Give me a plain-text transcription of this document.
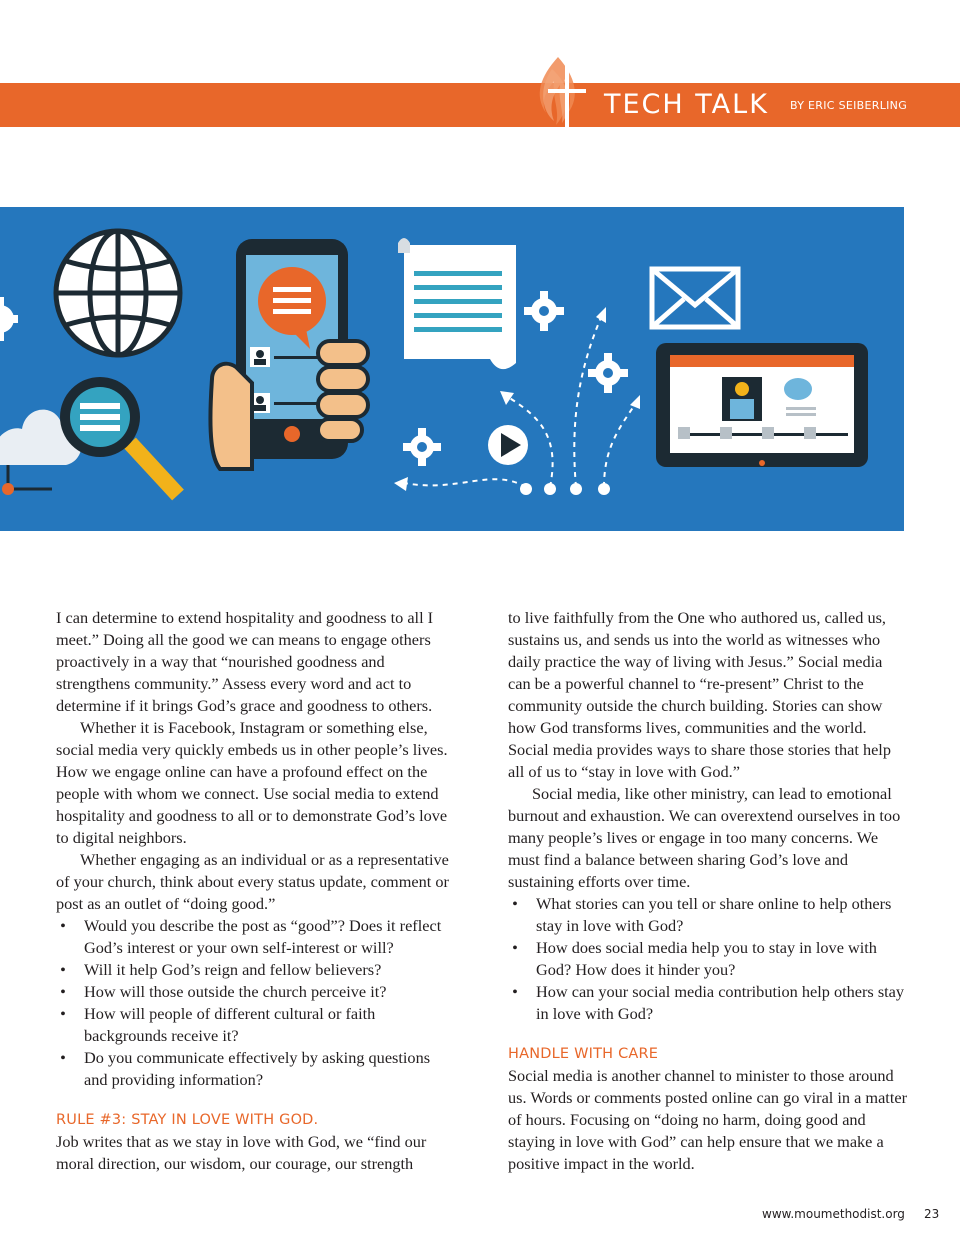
TECH TALK BY ERIC SEIBERLING

I can determine to extend hospitality and goodness to all I meet.” Doing all the good we can means to engage others proactively in a way that “nourished goodness and strengthens community.” Assess every word and act to determine if it brings God’s grace and goodness to others.

Whether it is Facebook, Instagram or something else, social media very quickly embeds us in other people’s lives. How we engage online can have a profound effect on the people with whom we connect. Use social media to extend hospitality and goodness to all or to demonstrate God’s love to digital neighbors.

Whether engaging as an individual or as a representative of your church, think about every status update, comment or post as an outlet of “doing good.”

• Would you describe the post as “good”? Does it reflect God’s interest or your own self-interest or will?
• Will it help God’s reign and fellow believers?
• How will those outside the church perceive it?
• How will people of different cultural or faith backgrounds receive it?
• Do you communicate effectively by asking questions and providing information?
RULE #3: STAY IN LOVE WITH GOD.

Job writes that as we stay in love with God, we “find our moral direction, our wisdom, our courage, our strength

to live faithfully from the One who authored us, called us, sustains us, and sends us into the world as witnesses who daily practice the way of living with Jesus.” Social media can be a powerful channel to “re-present” Christ to the community outside the church building. Stories can show how God transforms lives, communities and the world. Social media provides ways to share those stories that help all of us to “stay in love with God.”

Social media, like other ministry, can lead to emotional burnout and exhaustion. We can overextend ourselves in too many people’s lives or engage in too many concerns. We must find a balance between sharing God’s love and sustaining efforts over time.

• What stories can you tell or share online to help others stay in love with God?
• How does social media help you to stay in love with God? How does it hinder you?
• How can your social media contribution help others stay in love with God?
HANDLE WITH CARE

Social media is another channel to minister to those around us. Words or comments posted online can go viral in a matter of hours. Focusing on “doing no harm, doing good and staying in love with God” can help ensure that we make a positive impact in the world.

www.moumethodist.org 23
